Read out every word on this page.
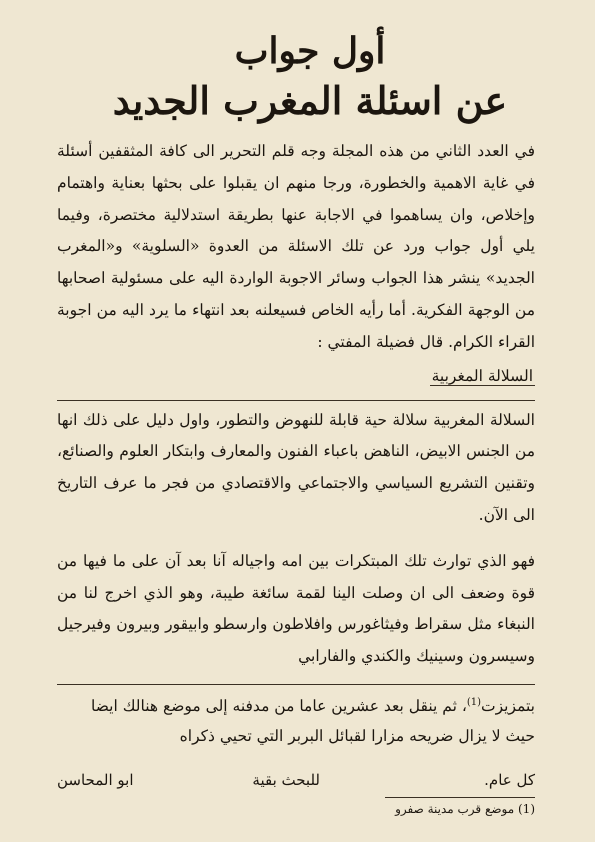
أول جواب
عن اسئلة المغرب الجديد

في العدد الثاني من هذه المجلة وجه قلم التحرير الى كافة المثقفين أسئلة في غاية الاهمية والخطورة، ورجا منهم ان يقبلوا على بحثها بعناية واهتمام وإخلاص، وان يساهموا في الاجابة عنها بطريقة استدلالية مختصرة، وفيما يلي أول جواب ورد عن تلك الاسئلة من العدوة «السلوية» و«المغرب الجديد» ينشر هذا الجواب وسائر الاجوبة الواردة اليه على مسئولية اصحابها من الوجهة الفكرية. أما رأيه الخاص فسيعلنه بعد انتهاء ما يرد اليه من اجوبة القراء الكرام. قال فضيلة المفتي :

السلالة المغربية

السلالة المغربية سلالة حية قابلة للنهوض والتطور، واول دليل على ذلك انها من الجنس الابيض، الناهض باعباء الفنون والمعارف وابتكار العلوم والصنائع، وتقنين التشريع السياسي والاجتماعي والاقتصادي من فجر ما عرف التاريخ الى الآن.

فهو الذي توارث تلك المبتكرات بين امه واجياله آنا بعد آن على ما فيها من قوة وضعف الى ان وصلت الينا لقمة سائغة طيبة، وهو الذي اخرج لنا من النبغاء مثل سقراط وفيثاغورس وافلاطون وارسطو وابيقور وبيرون وفيرجيل وسيسرون وسينيك والكندي والفارابي

بتمزيزت$^{(1)}$، ثم ينقل بعد عشرين عاما من مدفنه إلى موضع هنالك ايضا حيث لا يزال ضريحه مزارا لقبائل البربر التي تحيي ذكراه

كل عام.
للبحث بقية
ابو المحاسن
(1) موضع قرب مدينة صفرو
